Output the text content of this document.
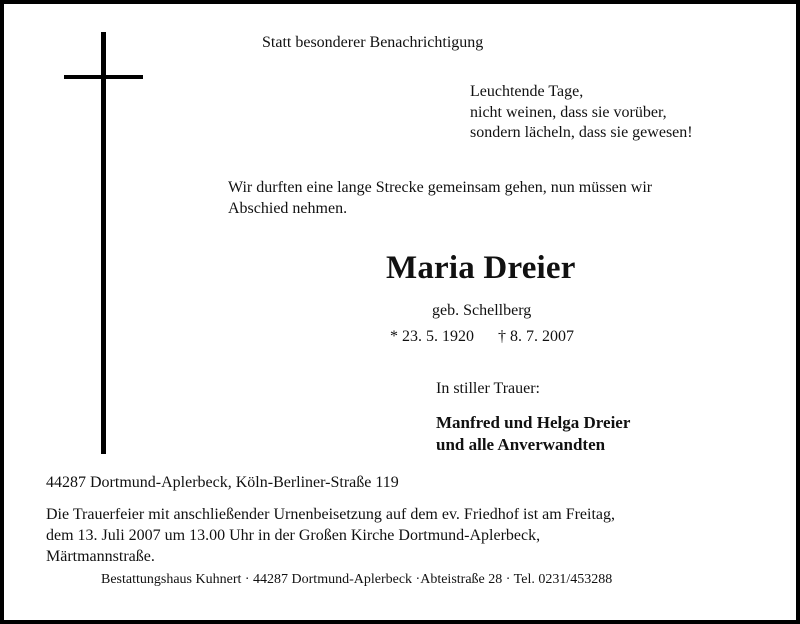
Statt besonderer Benachrichtigung

Leuchtende Tage,
nicht weinen, dass sie vorüber,
sondern lächeln, dass sie gewesen!

Wir durften eine lange Strecke gemeinsam gehen, nun müssen wir
Abschied nehmen.

Maria Dreier

geb. Schellberg

* 23. 5. 1920 † 8. 7. 2007

In stiller Trauer:

Manfred und Helga Dreier
und alle Anverwandten

44287 Dortmund-Aplerbeck, Köln-Berliner-Straße 119

Die Trauerfeier mit anschließender Urnenbeisetzung auf dem ev. Friedhof ist am Freitag,
dem 13. Juli 2007 um 13.00 Uhr in der Großen Kirche Dortmund-Aplerbeck,
Märtmannstraße.

Bestattungshaus Kuhnert · 44287 Dortmund-Aplerbeck ·Abteistraße 28 · Tel. 0231/453288
